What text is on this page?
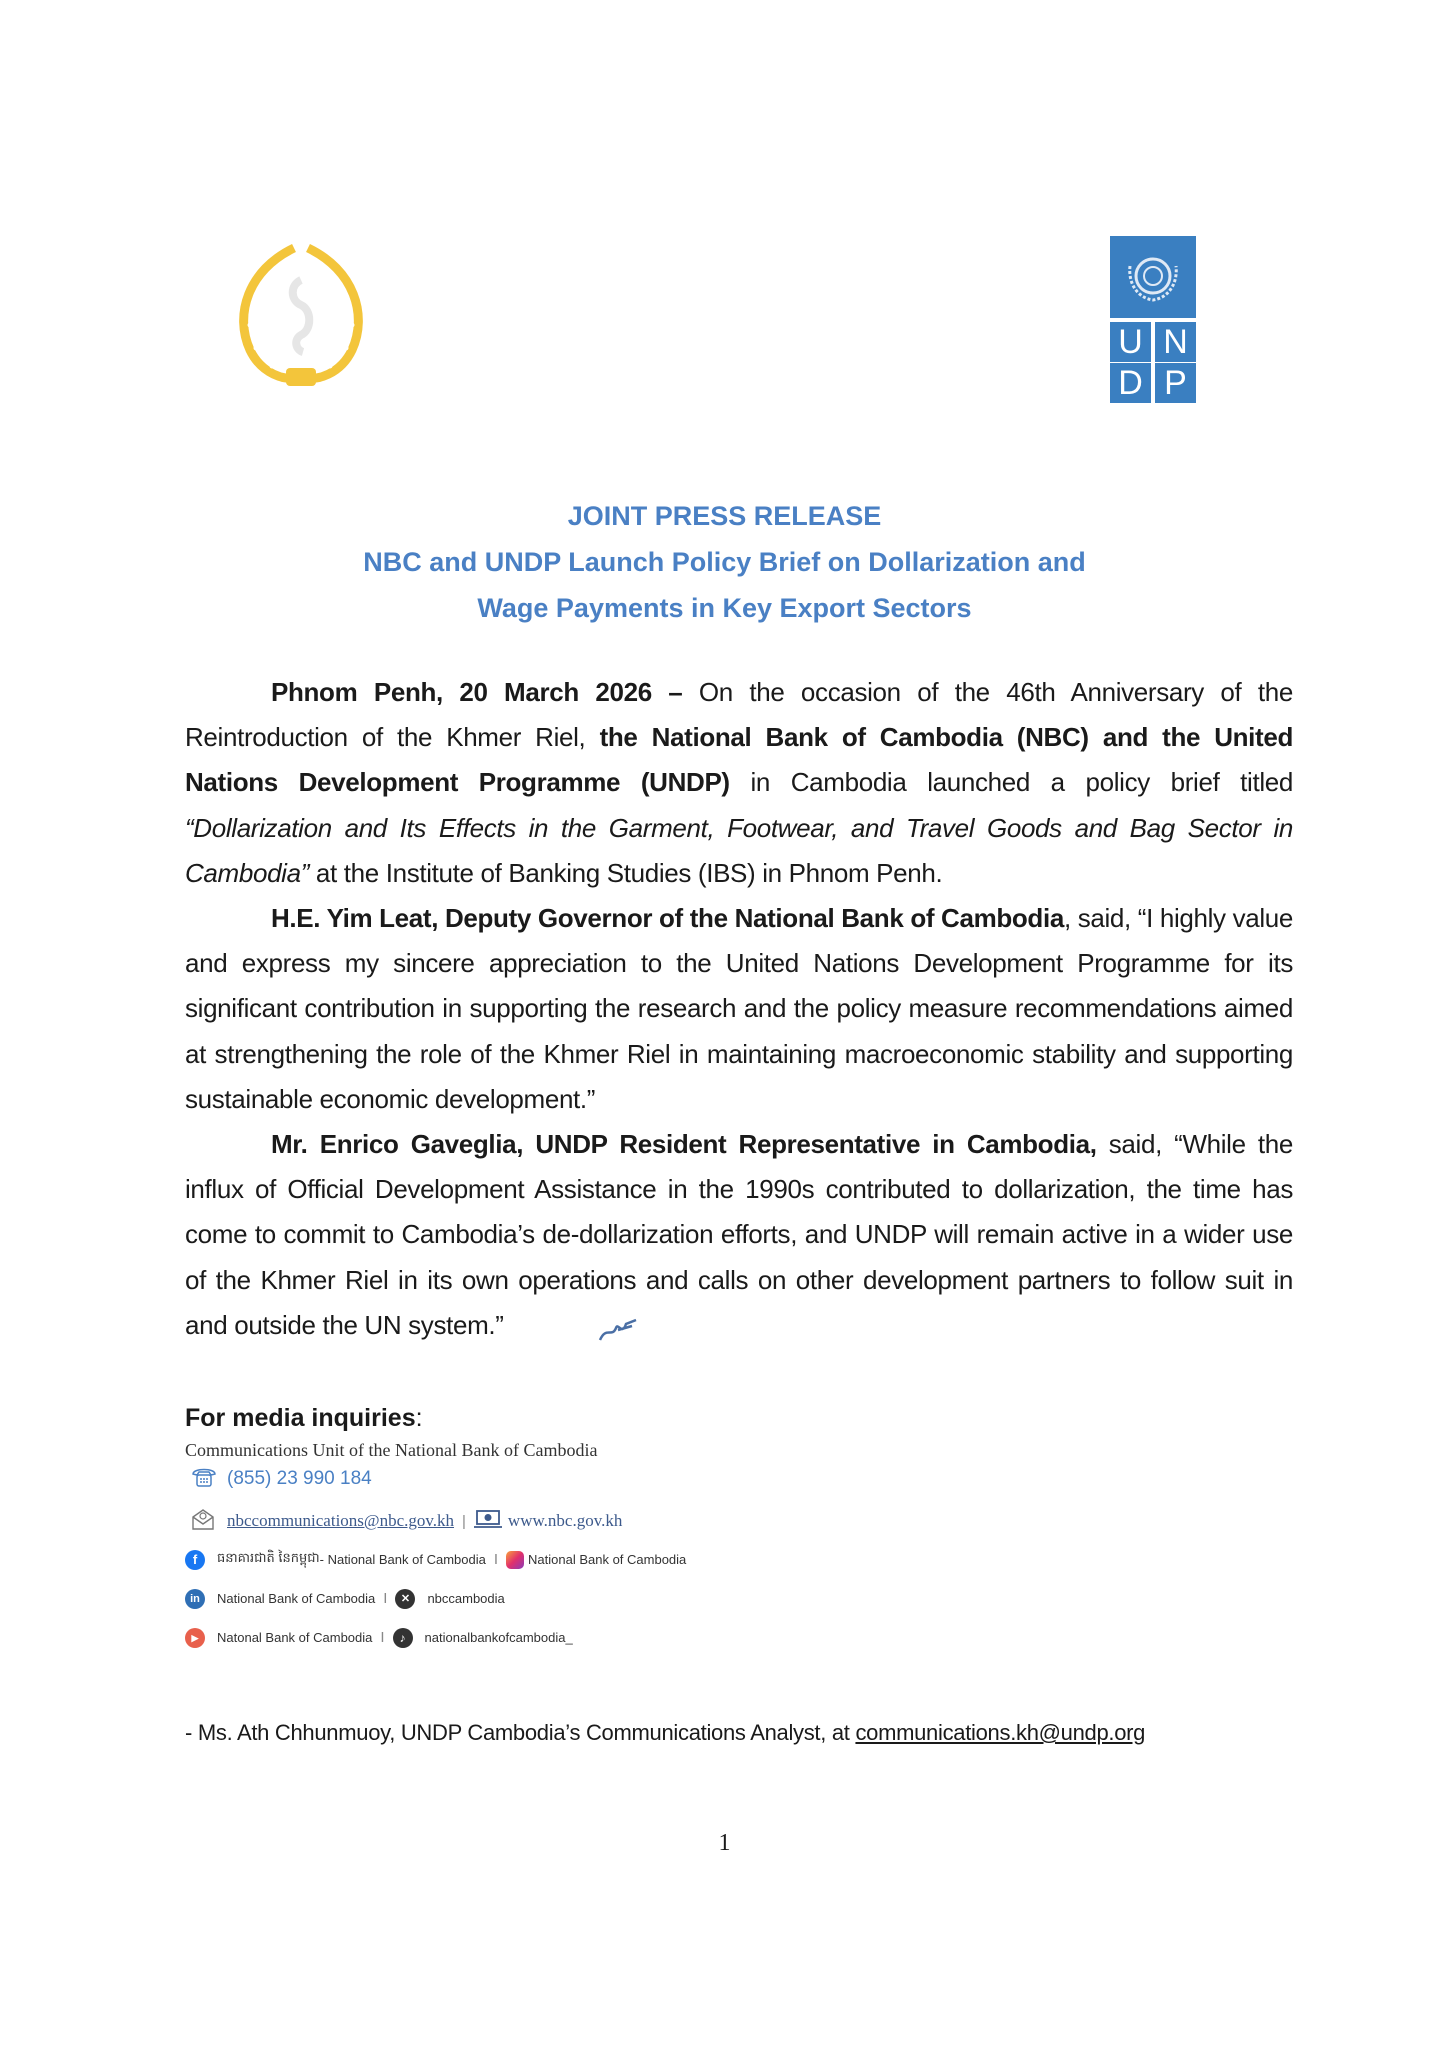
U N
D P
JOINT PRESS RELEASE
NBC and UNDP Launch Policy Brief on Dollarization and
Wage Payments in Key Export Sectors

Phnom Penh, 20 March 2026 – On the occasion of the 46th Anniversary of the Reintroduction of the Khmer Riel, the National Bank of Cambodia (NBC) and the United Nations Development Programme (UNDP) in Cambodia launched a policy brief titled “Dollarization and Its Effects in the Garment, Footwear, and Travel Goods and Bag Sector in Cambodia” at the Institute of Banking Studies (IBS) in Phnom Penh.

H.E. Yim Leat, Deputy Governor of the National Bank of Cambodia, said, “I highly value and express my sincere appreciation to the United Nations Development Programme for its significant contribution in supporting the research and the policy measure recommendations aimed at strengthening the role of the Khmer Riel in maintaining macroeconomic stability and supporting sustainable economic development.”

Mr. Enrico Gaveglia, UNDP Resident Representative in Cambodia, said, “While the influx of Official Development Assistance in the 1990s contributed to dollarization, the time has come to commit to Cambodia’s de-dollarization efforts, and UNDP will remain active in a wider use of the Khmer Riel in its own operations and calls on other development partners to follow suit in and outside the UN system.”

For media inquiries:
Communications Unit of the National Bank of Cambodia
(855) 23 990 184
nbccommunications@nbc.gov.kh | www.nbc.gov.kh
f	ធនាគារជាតិ នៃកម្ពុជា - National Bank of Cambodia I National Bank of Cambodia
in	National Bank of Cambodia I	✕	nbccambodia
▶	Natonal Bank of Cambodia I	♪	nationalbankofcambodia_
- Ms. Ath Chhunmuoy, UNDP Cambodia’s Communications Analyst, at communications.kh@undp.org
1
